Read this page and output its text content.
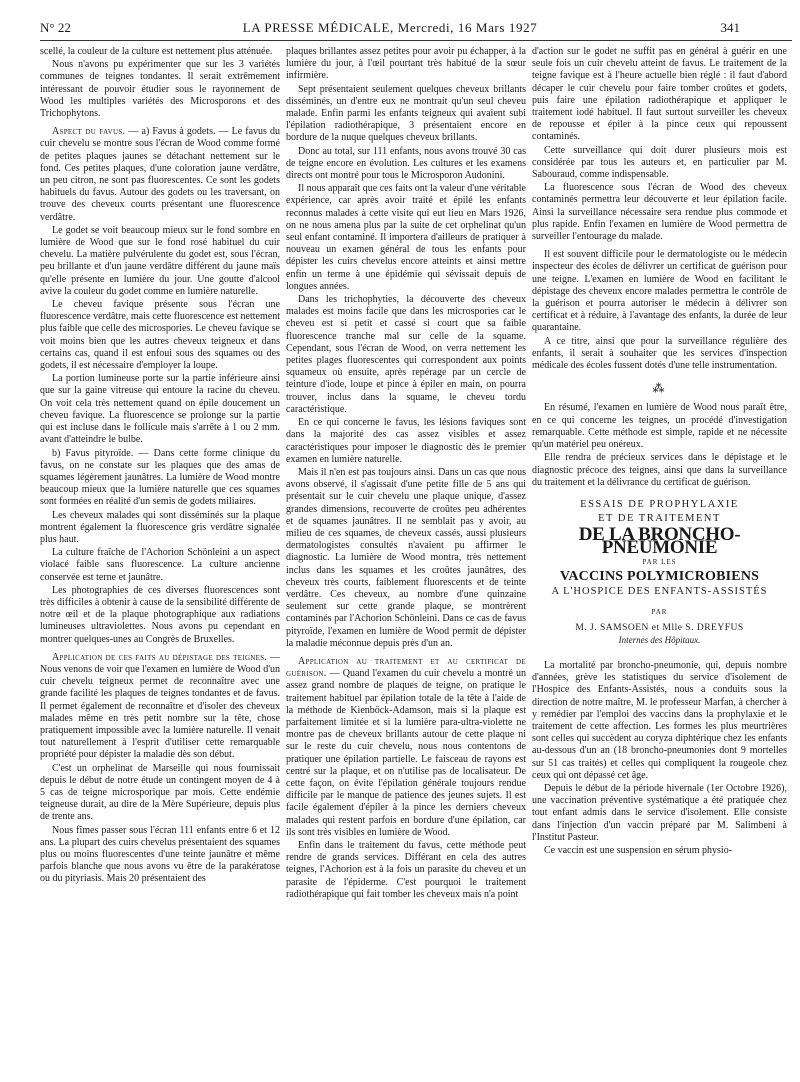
N° 22	LA PRESSE MÉDICALE, Mercredi, 16 Mars 1927	341

scellé, la couleur de la culture est nettement plus atténuée.

Nous n'avons pu expérimenter que sur les 3 variétés communes de teignes tondantes. Il serait extrêmement intéressant de pouvoir étudier sous le rayonnement de Wood les multiples variétés des Microsporons et des Trichophytons.

Aspect du favus. — a) Favus à godets. — Le favus du cuir chevelu se montre sous l'écran de Wood comme formé de petites plaques jaunes se détachant nettement sur le fond. Ces petites plaques, d'une coloration jaune verdâtre, un peu citron, ne sont pas fluorescentes. Ce sont les godets habituels du favus. Autour des godets ou les traversant, on trouve des cheveux courts présentant une fluorescence verdâtre.

Le godet se voit beaucoup mieux sur le fond sombre en lumière de Wood que sur le fond rosé habituel du cuir chevelu. La matière pulvérulente du godet est, sous l'écran, peu brillante et d'un jaune verdâtre différent du jaune maïs qu'elle présente en lumière du jour. Une goutte d'alcool avive la couleur du godet comme en lumière naturelle.

Le cheveu favique présente sous l'écran une fluorescence verdâtre, mais cette fluorescence est nettement plus faible que celle des microspories. Le cheveu favique se voit moins bien que les autres cheveux teigneux et dans certains cas, quand il est enfoui sous des squames ou des godets, il est nécessaire d'employer la loupe.

La portion lumineuse porte sur la partie inférieure ainsi que sur la gaine vitreuse qui entoure la racine du cheveu. On voit cela très nettement quand on épile doucement un cheveu favique. La fluorescence se prolonge sur la partie qui est incluse dans le follicule mais s'arrête à 1 ou 2 mm. avant d'atteindre le bulbe.

b) Favus pityroïde. — Dans cette forme clinique du favus, on ne constate sur les plaques que des amas de squames légèrement jaunâtres. La lumière de Wood montre beaucoup mieux que la lumière naturelle que ces squames sont formées en réalité d'un semis de godets miliaires.

Les cheveux malades qui sont disséminés sur la plaque montrent également la fluorescence gris verdâtre signalée plus haut.

La culture fraîche de l'Achorion Schönleini a un aspect violacé faible sans fluorescence. La culture ancienne conservée est terne et jaunâtre.

Les photographies de ces diverses fluorescences sont très difficiles à obtenir à cause de la sensibilité différente de notre œil et de la plaque photographique aux radiations lumineuses ultraviolettes. Nous avons pu cependant en montrer quelques-unes au Congrès de Bruxelles.

Application de ces faits au dépistage des teignes. — Nous venons de voir que l'examen en lumière de Wood d'un cuir chevelu teigneux permet de reconnaître avec une grande facilité les plaques de teignes tondantes et de favus. Il permet également de reconnaître et d'isoler des cheveux malades même en très petit nombre sur la tête, chose pratiquement impossible avec la lumière naturelle. Il venait tout naturellement à l'esprit d'utiliser cette remarquable propriété pour dépister la maladie dès son début.

C'est un orphelinat de Marseille qui nous fournissait depuis le début de notre étude un contingent moyen de 4 à 5 cas de teigne microsporique par mois. Cette endémie teigneuse durait, au dire de la Mère Supérieure, depuis plus de trente ans.

Nous fîmes passer sous l'écran 111 enfants entre 6 et 12 ans. La plupart des cuirs chevelus présentaient des squames plus ou moins fluorescentes d'une teinte jaunâtre et même parfois blanche que nous avons vu être de la parakératose ou du pityriasis. Mais 20 présentaient des

plaques brillantes assez petites pour avoir pu échapper, à la lumière du jour, à l'œil pourtant très habitué de la sœur infirmière.

Sept présentaient seulement quelques cheveux brillants disséminés, un d'entre eux ne montrait qu'un seul cheveu malade. Enfin parmi les enfants teigneux qui avaient subi l'épilation radiothérapique, 3 présentaient encore en bordure de la nuque quelques cheveux brillants.

Donc au total, sur 111 enfants, nous avons trouvé 30 cas de teigne encore en évolution. Les cultures et les examens directs ont montré pour tous le Microsporon Audonini.

Il nous apparaît que ces faits ont la valeur d'une véritable expérience, car après avoir traité et épilé les enfants reconnus malades à cette visite qui eut lieu en Mars 1926, on ne nous amena plus par la suite de cet orphelinat qu'un seul enfant contaminé. Il importera d'ailleurs de pratiquer à nouveau un examen général de tous les enfants pour dépister les cuirs chevelus encore atteints et ainsi mettre enfin un terme à une épidémie qui sévissait depuis de longues années.

Dans les trichophyties, la découverte des cheveux malades est moins facile que dans les microspories car le cheveu est si petit et cassé si court que sa faible fluorescence tranche mal sur celle de la squame. Cependant, sous l'écran de Wood, on verra nettement les petites plages fluorescentes qui correspondent aux points squameux où ensuite, après repérage par un cercle de teinture d'iode, loupe et pince à épiler en main, on pourra trouver, inclus dans la squame, le cheveu tordu caractéristique.

En ce qui concerne le favus, les lésions faviques sont dans la majorité des cas assez visibles et assez caractéristiques pour imposer le diagnostic dès le premier examen en lumière naturelle.

Mais il n'en est pas toujours ainsi. Dans un cas que nous avons observé, il s'agissait d'une petite fille de 5 ans qui présentait sur le cuir chevelu une plaque unique, d'assez grandes dimensions, recouverte de croûtes peu adhérentes et de squames jaunâtres. Il ne semblait pas y avoir, au milieu de ces squames, de cheveux cassés, aussi plusieurs dermatologistes consultés n'avaient pu affirmer le diagnostic. La lumière de Wood montra, très nettement inclus dans les squames et les croûtes jaunâtres, des cheveux très courts, faiblement fluorescents et de teinte verdâtre. Ces cheveux, au nombre d'une quinzaine seulement sur cette grande plaque, se montrèrent contaminés par l'Achorion Schönleini. Dans ce cas de favus pityroïde, l'examen en lumière de Wood permit de dépister la maladie méconnue depuis près d'un an.

Application au traitement et au certificat de guérison. — Quand l'examen du cuir chevelu a montré un assez grand nombre de plaques de teigne, on pratique le traitement habituel par épilation totale de la tête à l'aide de la méthode de Kienböck-Adamson, mais si la plaque est parfaitement limitée et si la lumière para-ultra-violette ne montre pas de cheveux brillants autour de cette plaque ni sur le reste du cuir chevelu, nous nous contentons de pratiquer une épilation partielle. Le faisceau de rayons est centré sur la plaque, et on n'utilise pas de localisateur. De cette façon, on évite l'épilation générale toujours rendue difficile par le manque de patience des jeunes sujets. Il est facile également d'épiler à la pince les derniers cheveux malades qui restent parfois en bordure d'une épilation, car ils sont très visibles en lumière de Wood.

Enfin dans le traitement du favus, cette méthode peut rendre de grands services. Différant en cela des autres teignes, l'Achorion est à la fois un parasite du cheveu et un parasite de l'épiderme. C'est pourquoi le traitement radiothérapique qui fait tomber les cheveux mais n'a point

d'action sur le godet ne suffit pas en général à guérir en une seule fois un cuir chevelu atteint de favus. Le traitement de la teigne favique est à l'heure actuelle bien réglé : il faut d'abord décaper le cuir chevelu pour faire tomber croûtes et godets, puis faire une épilation radiothérapique et appliquer le traitement iodé habituel. Il faut surtout surveiller les cheveux de repousse et épiler à la pince ceux qui repoussent contaminés.

Cette surveillance qui doit durer plusieurs mois est considérée par tous les auteurs et, en particulier par M. Sabouraud, comme indispensable.

La fluorescence sous l'écran de Wood des cheveux contaminés permettra leur découverte et leur épilation facile. Ainsi la surveillance nécessaire sera rendue plus commode et plus rapide. Enfin l'examen en lumière de Wood permettra de surveiller l'entourage du malade.

Il est souvent difficile pour le dermatologiste ou le médecin inspecteur des écoles de délivrer un certificat de guérison pour une teigne. L'examen en lumière de Wood en facilitant le dépistage des cheveux encore malades permettra le contrôle de la guérison et pourra autoriser le médecin à délivrer son certificat et à réduire, à l'avantage des enfants, la durée de leur quarantaine.

A ce titre, ainsi que pour la surveillance régulière des enfants, il serait à souhaiter que les services d'inspection médicale des écoles fussent dotés d'une telle instrumentation.

⁂

En résumé, l'examen en lumière de Wood nous paraît être, en ce qui concerne les teignes, un procédé d'investigation remarquable. Cette méthode est simple, rapide et ne nécessite qu'un matériel peu onéreux.

Elle rendra de précieux services dans le dépistage et le diagnostic précoce des teignes, ainsi que dans la surveillance du traitement et la délivrance du certificat de guérison.

ESSAIS DE PROPHYLAXIE
ET DE TRAITEMENT
DE LA BRONCHO-PNEUMONIE
PAR LES
VACCINS POLYMICROBIENS
A L'HOSPICE DES ENFANTS-ASSISTÉS
PAR
M. J. SAMSOEN et Mlle S. DREYFUS
Internes des Hôpitaux.

La mortalité par broncho-pneumonie, qui, depuis nombre d'années, grève les statistiques du service d'isolement de l'Hospice des Enfants-Assistés, nous a conduits sous la direction de notre maître, M. le professeur Marfan, à chercher à y remédier par l'emploi des vaccins dans la prophylaxie et le traitement de cette affection. Les formes les plus meurtrières sont celles qui succèdent au coryza diphtérique chez les enfants au-dessous d'un an (18 broncho-pneumonies dont 9 mortelles sur 51 cas traités) et celles qui compliquent la rougeole chez ceux qui ont dépassé cet âge.

Depuis le début de la période hivernale (1er Octobre 1926), une vaccination préventive systématique a été pratiquée chez tout enfant admis dans le service d'isolement. Elle consiste dans l'injection d'un vaccin préparé par M. Salimbeni à l'Institut Pasteur.

Ce vaccin est une suspension en sérum physio-
